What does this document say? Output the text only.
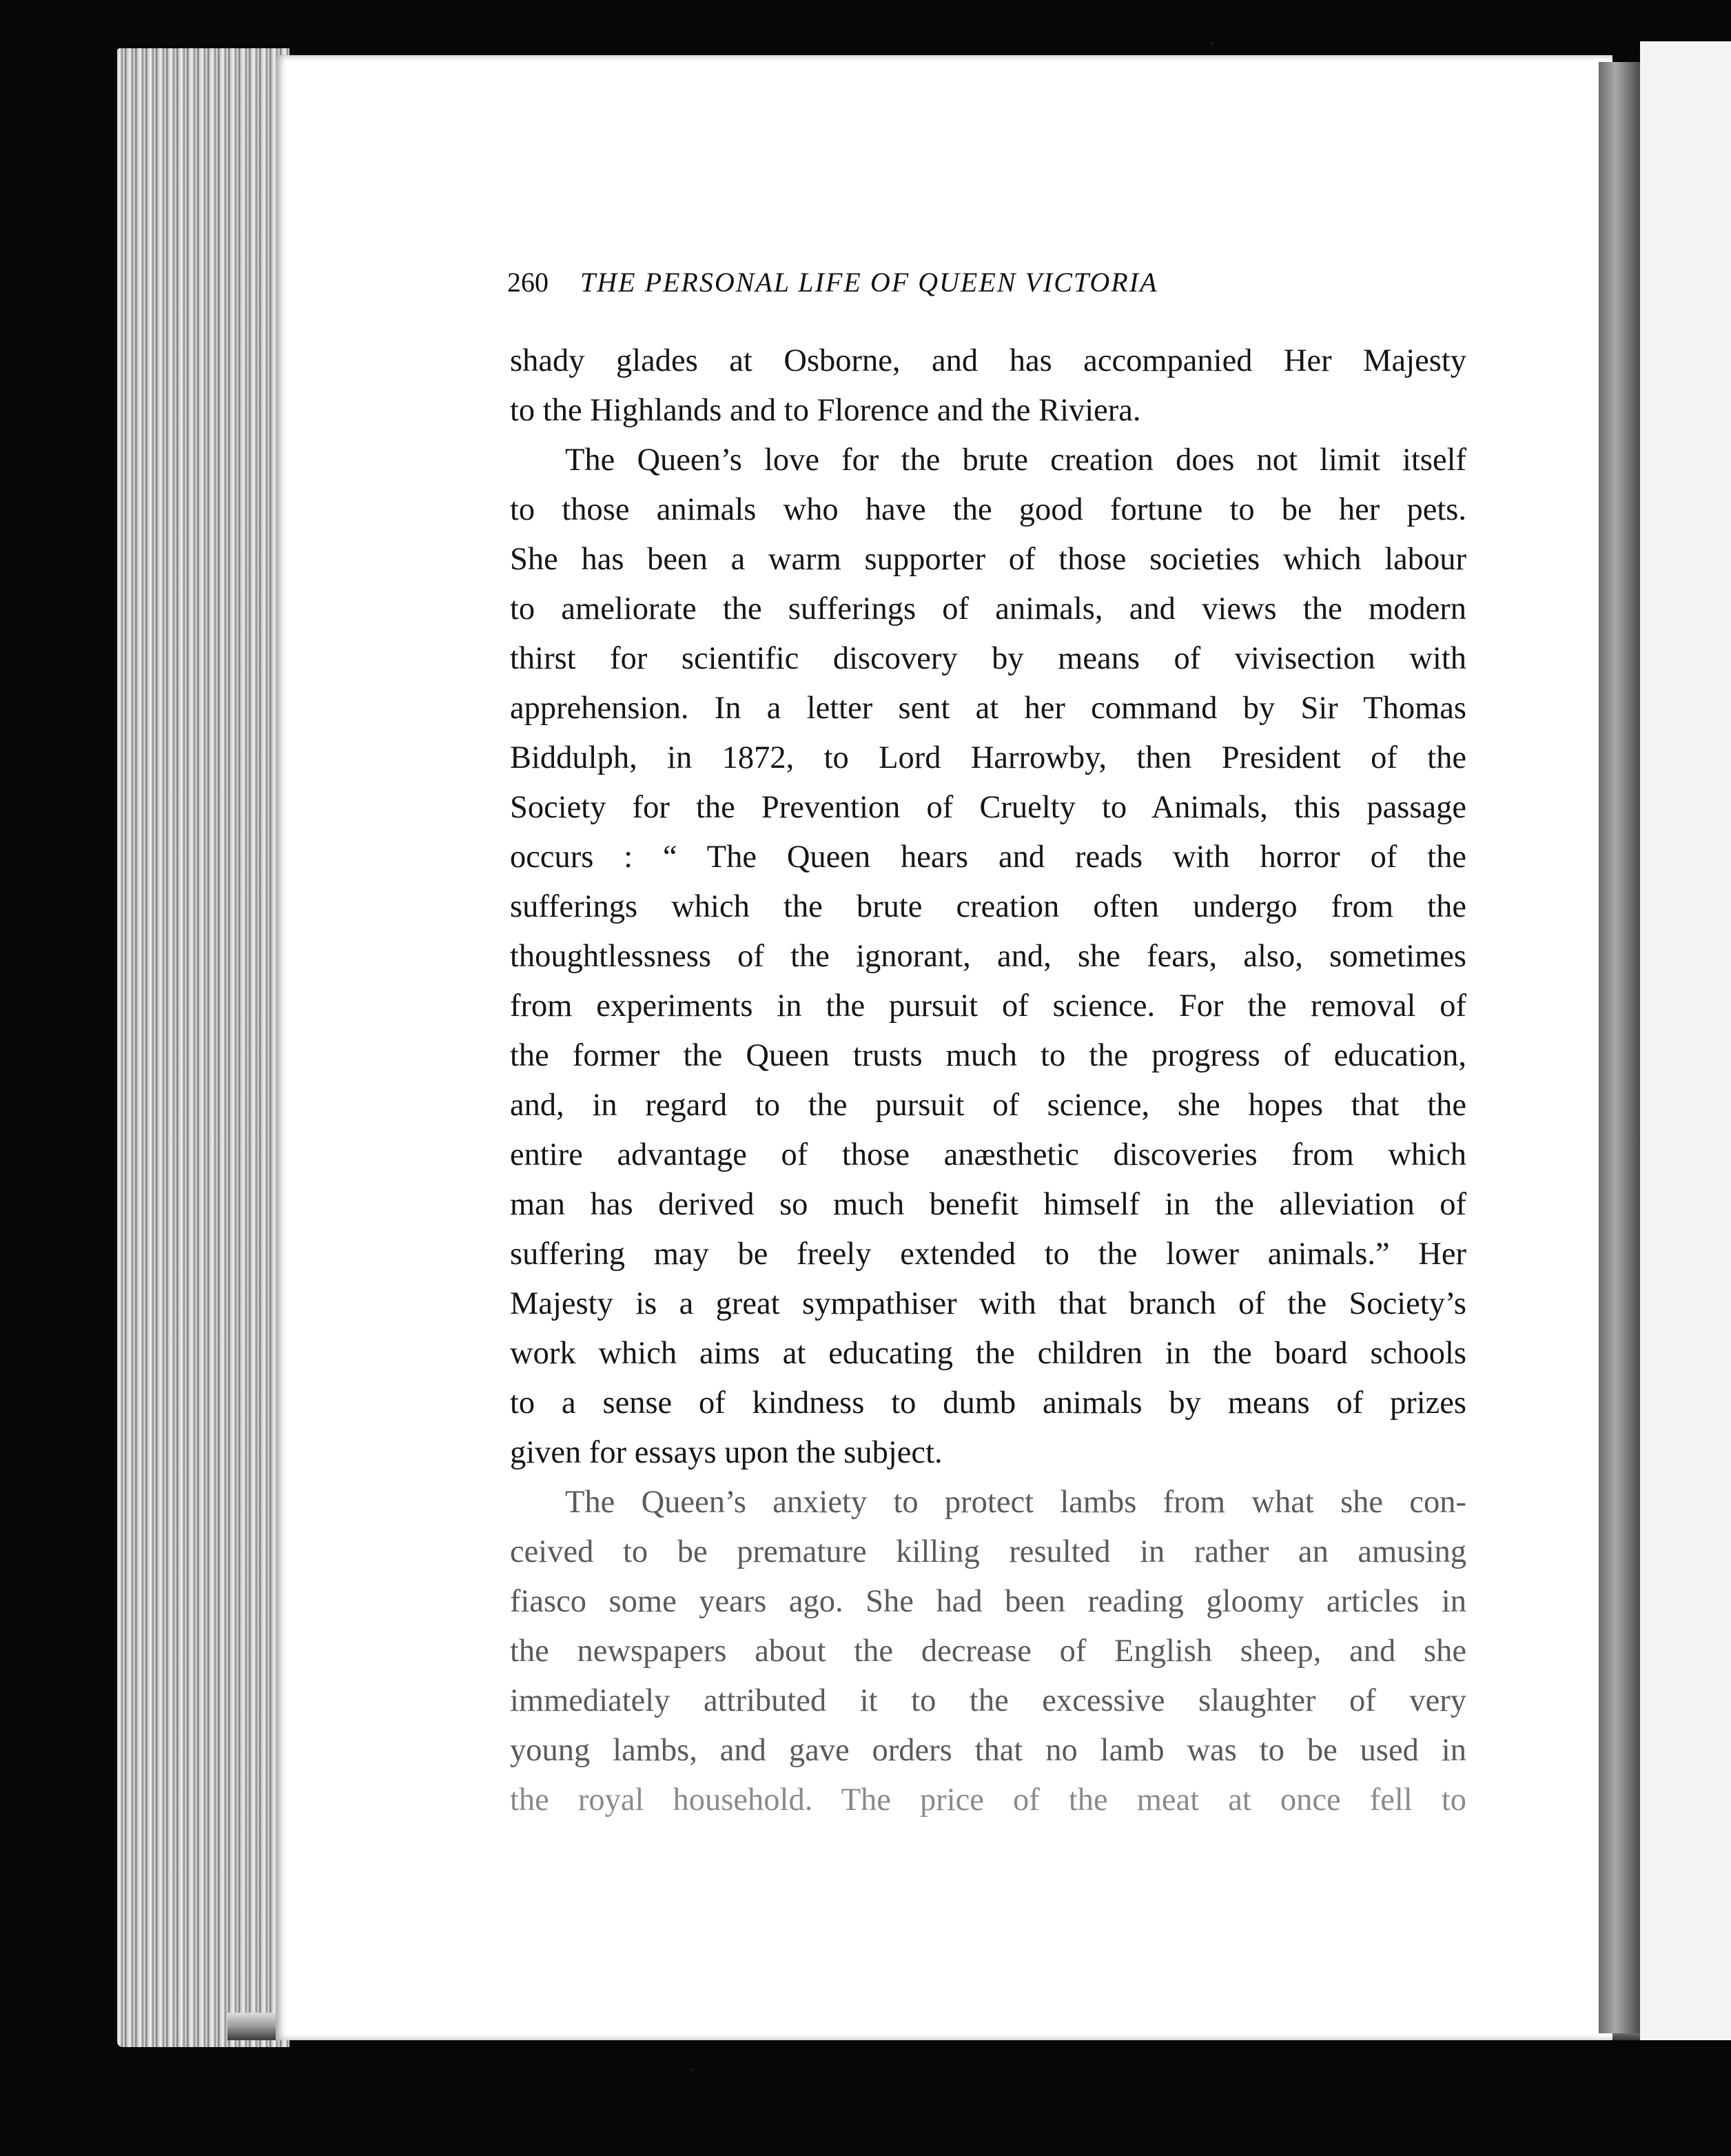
260 THE PERSONAL LIFE OF QUEEN VICTORIA
shady glades at Osborne, and has accompanied Her Majesty
to the Highlands and to Florence and the Riviera.
The Queen’s love for the brute creation does not limit itself
to those animals who have the good fortune to be her pets.
She has been a warm supporter of those societies which labour
to ameliorate the sufferings of animals, and views the modern
thirst for scientific discovery by means of vivisection with
apprehension. In a letter sent at her command by Sir Thomas
Biddulph, in 1872, to Lord Harrowby, then President of the
Society for the Prevention of Cruelty to Animals, this passage
occurs : “ The Queen hears and reads with horror of the
sufferings which the brute creation often undergo from the
thoughtlessness of the ignorant, and, she fears, also, sometimes
from experiments in the pursuit of science. For the removal of
the former the Queen trusts much to the progress of education,
and, in regard to the pursuit of science, she hopes that the
entire advantage of those anæsthetic discoveries from which
man has derived so much benefit himself in the alleviation of
suffering may be freely extended to the lower animals.” Her
Majesty is a great sympathiser with that branch of the Society’s
work which aims at educating the children in the board schools
to a sense of kindness to dumb animals by means of prizes
given for essays upon the subject.
The Queen’s anxiety to protect lambs from what she con-
ceived to be premature killing resulted in rather an amusing
fiasco some years ago. She had been reading gloomy articles in
the newspapers about the decrease of English sheep, and she
immediately attributed it to the excessive slaughter of very
young lambs, and gave orders that no lamb was to be used in
the royal household. The price of the meat at once fell to
